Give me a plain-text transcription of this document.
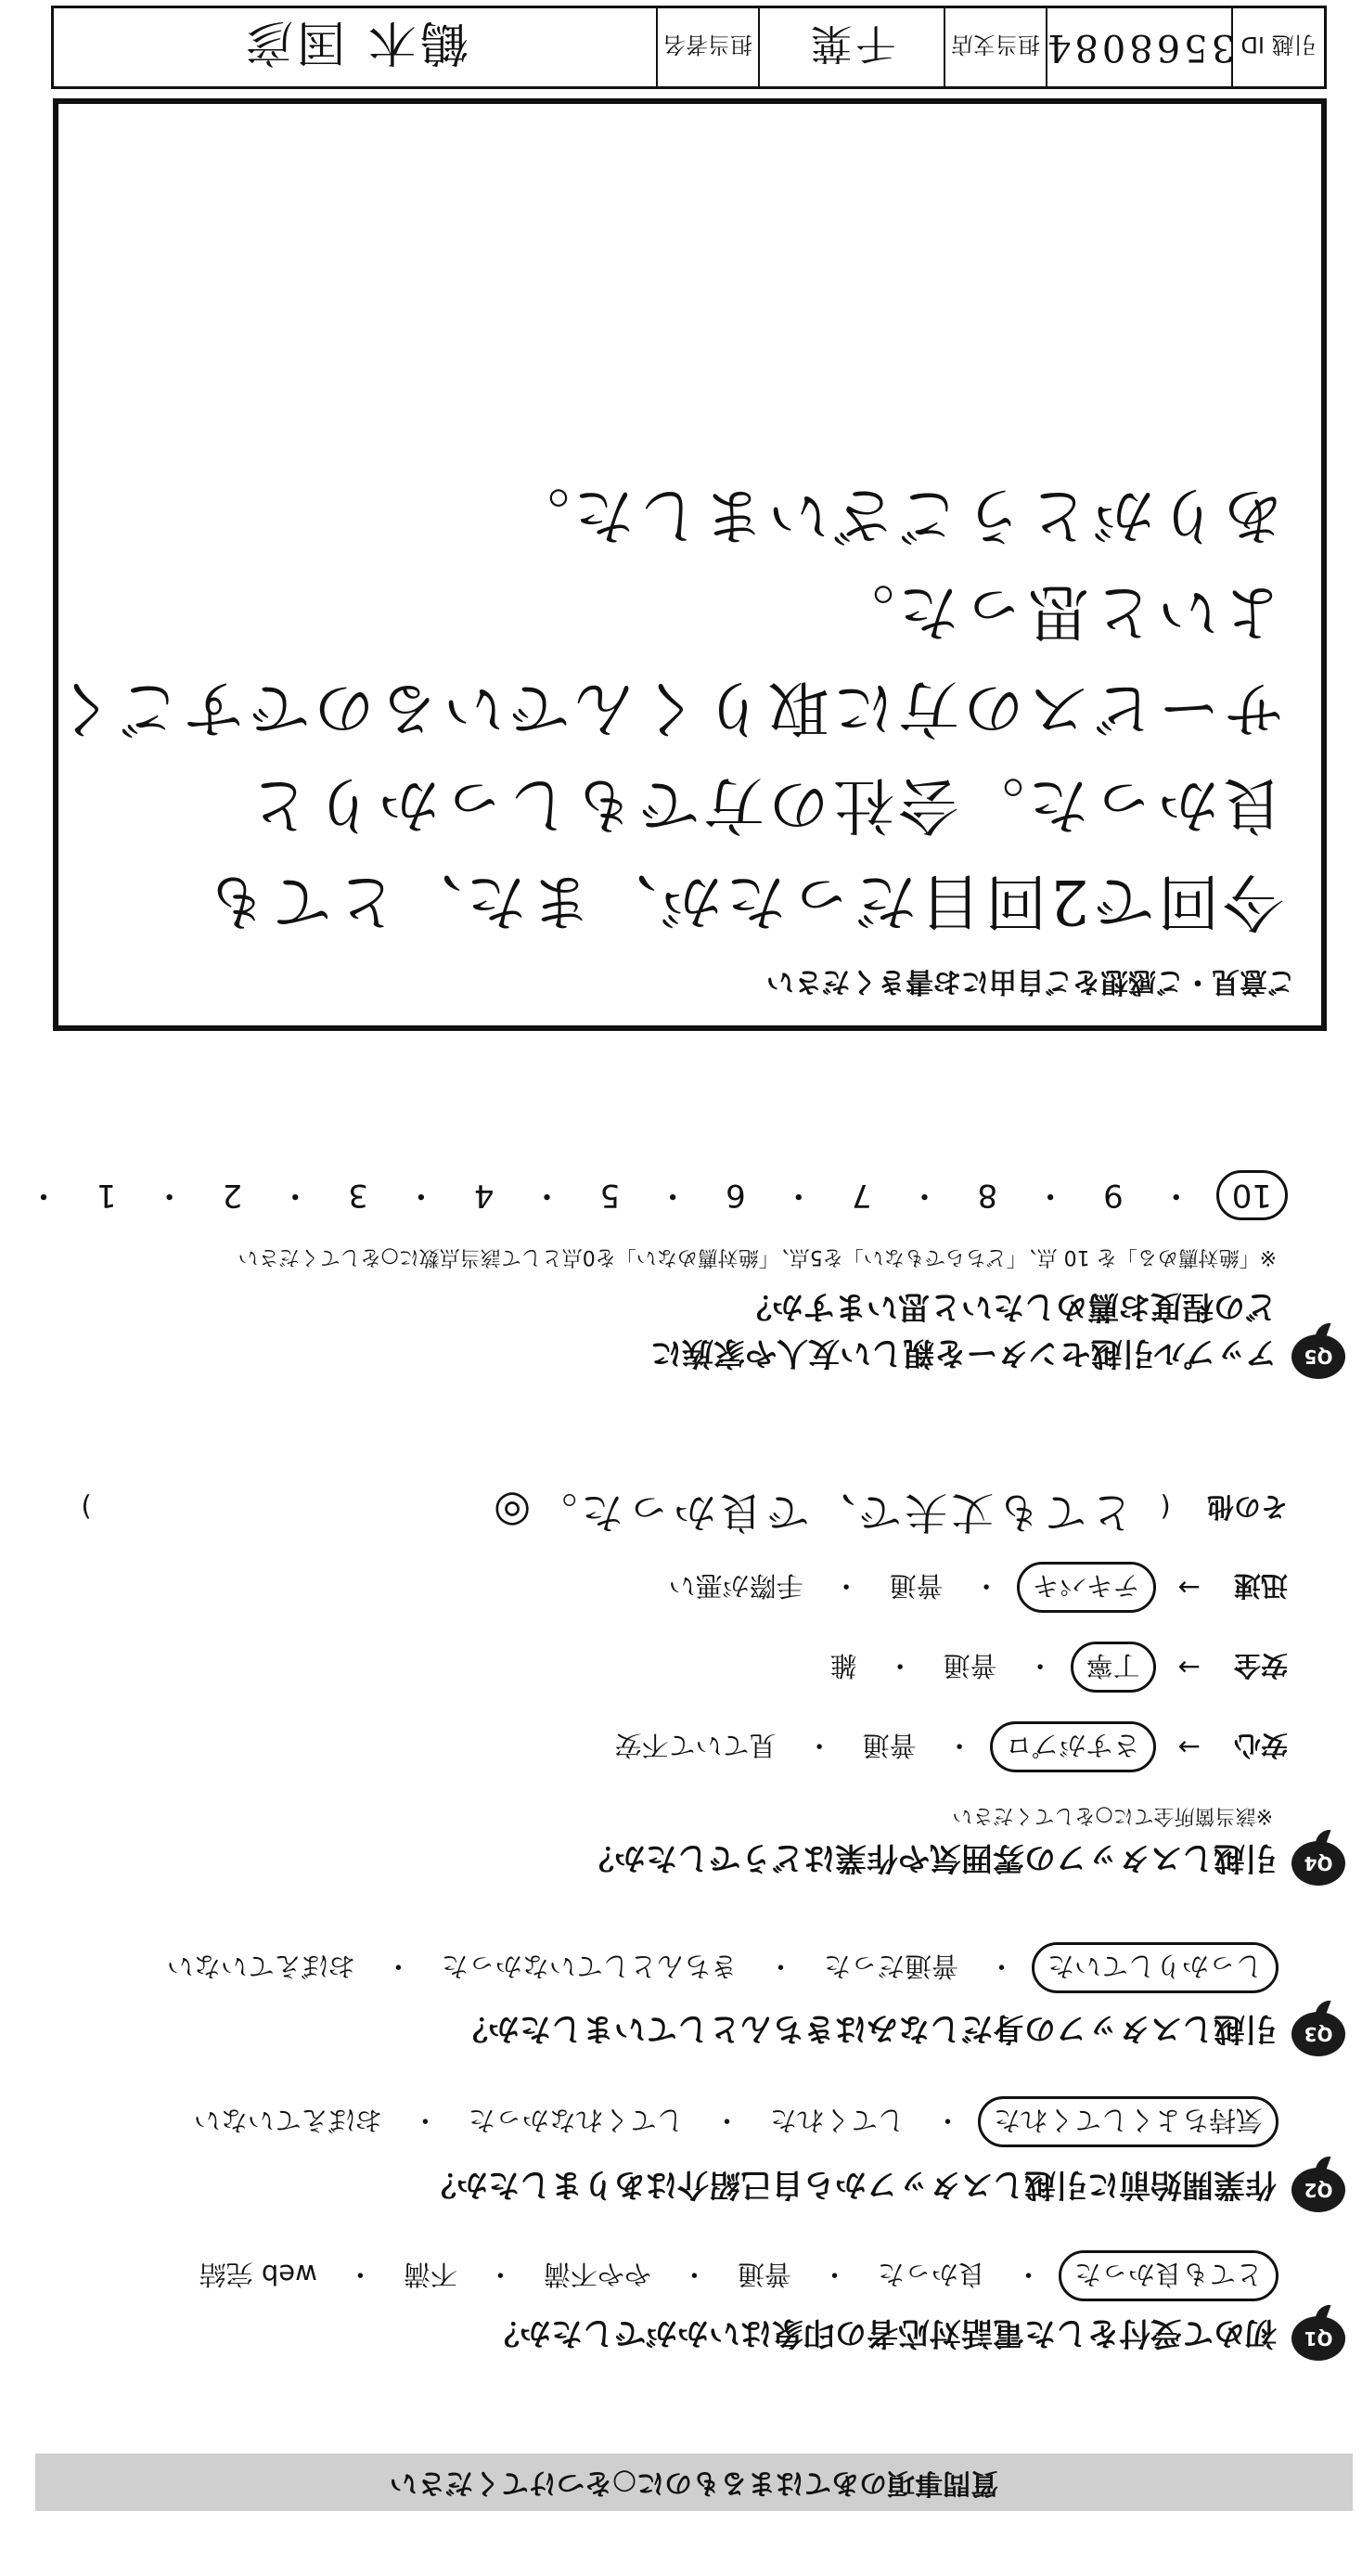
質問事項のあてはまるものに○をつけてください
Q1
初めて受付をした電話対応者の印象はいかがでしたか？
とても良かった・良かった・普通・やや不満・不満・web 完結
Q2
作業開始前に引越しスタッフから自己紹介はありましたか？
気持ちよくしてくれた・してくれた・してくれなかった・おぼえていない
Q3
引越しスタッフの身だしなみはきちんとしていましたか？
しっかりしていた・普通だった・きちんとしていなかった・おぼえていない
Q4
引越しスタッフの雰囲気や作業はどうでしたか？
※該当箇所全てに○をしてください
安心
→
さすがプロ
・
普通
・
見ていて不安
安全
→
丁寧
・
普通
・
雑
迅速
→
テキパキ
・
普通
・
手際が悪い
その他 ( とても丈夫で、で良かった。◎ )
Q5
アップル引越センターを親しい友人や家族に
どの程度お薦めしたいと思いますか？
※「絶対薦める」を 10 点、「どちらでもない」を5点、「絶対薦めない」を0点として該当点数に○をしてください
10・9・8・7・6・5・4・3・2・1・
ご意見・ご感想をご自由にお書きください
今回で2回目だったが、また、とても
良かった。会社の方でもしっかりと
サービスの方に取りくんでいるのですごく
よいと思った。
ありがとうございました。
引越 ID
3568084
担当支店
千葉
担当者名
鶴木 国彦
